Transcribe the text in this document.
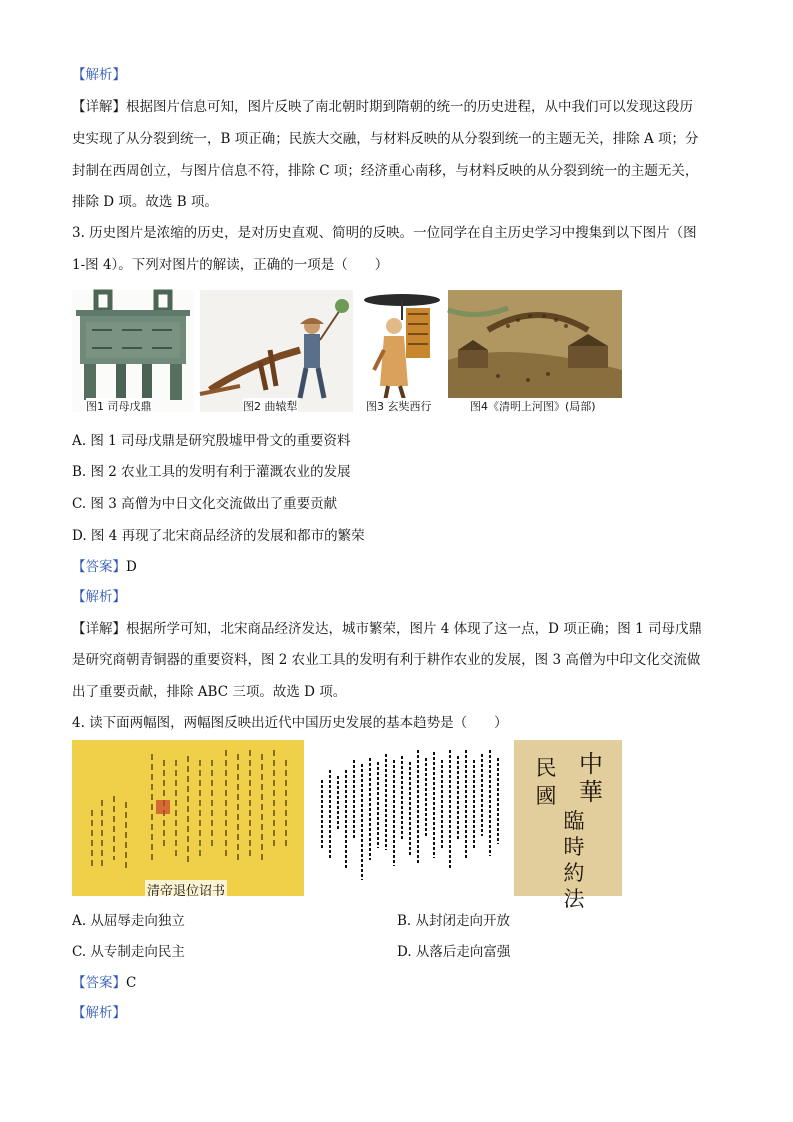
【解析】
【详解】根据图片信息可知，图片反映了南北朝时期到隋朝的统一的历史进程，从中我们可以发现这段历
史实现了从分裂到统一，B 项正确；民族大交融，与材料反映的从分裂到统一的主题无关，排除 A 项；分
封制在西周创立，与图片信息不符，排除 C 项；经济重心南移，与材料反映的从分裂到统一的主题无关，
排除 D 项。故选 B 项。
3. 历史图片是浓缩的历史，是对历史直观、简明的反映。一位同学在自主历史学习中搜集到以下图片（图
1-图 4）。下列对图片的解读，正确的一项是（　　）
图1 司母戊鼎	图2 曲辕犁	图3 玄奘西行	图4《清明上河图》(局部)
A. 图 1 司母戊鼎是研究殷墟甲骨文的重要资料
B. 图 2 农业工具的发明有利于灌溉农业的发展
C. 图 3 高僧为中日文化交流做出了重要贡献
D. 图 4 再现了北宋商品经济的发展和都市的繁荣
【答案】D
【解析】
【详解】根据所学可知，北宋商品经济发达，城市繁荣，图片 4 体现了这一点，D 项正确；图 1 司母戊鼎
是研究商朝青铜器的重要资料，图 2 农业工具的发明有利于耕作农业的发展，图 3 高僧为中印文化交流做
出了重要贡献，排除 ABC 三项。故选 D 项。
4. 读下面两幅图，两幅图反映出近代中国历史发展的基本趋势是（　　）
清帝退位诏书
中
華
民
國
臨
時
約
法
A. 从屈辱走向独立	B. 从封闭走向开放
C. 从专制走向民主	D. 从落后走向富强
【答案】C
【解析】
